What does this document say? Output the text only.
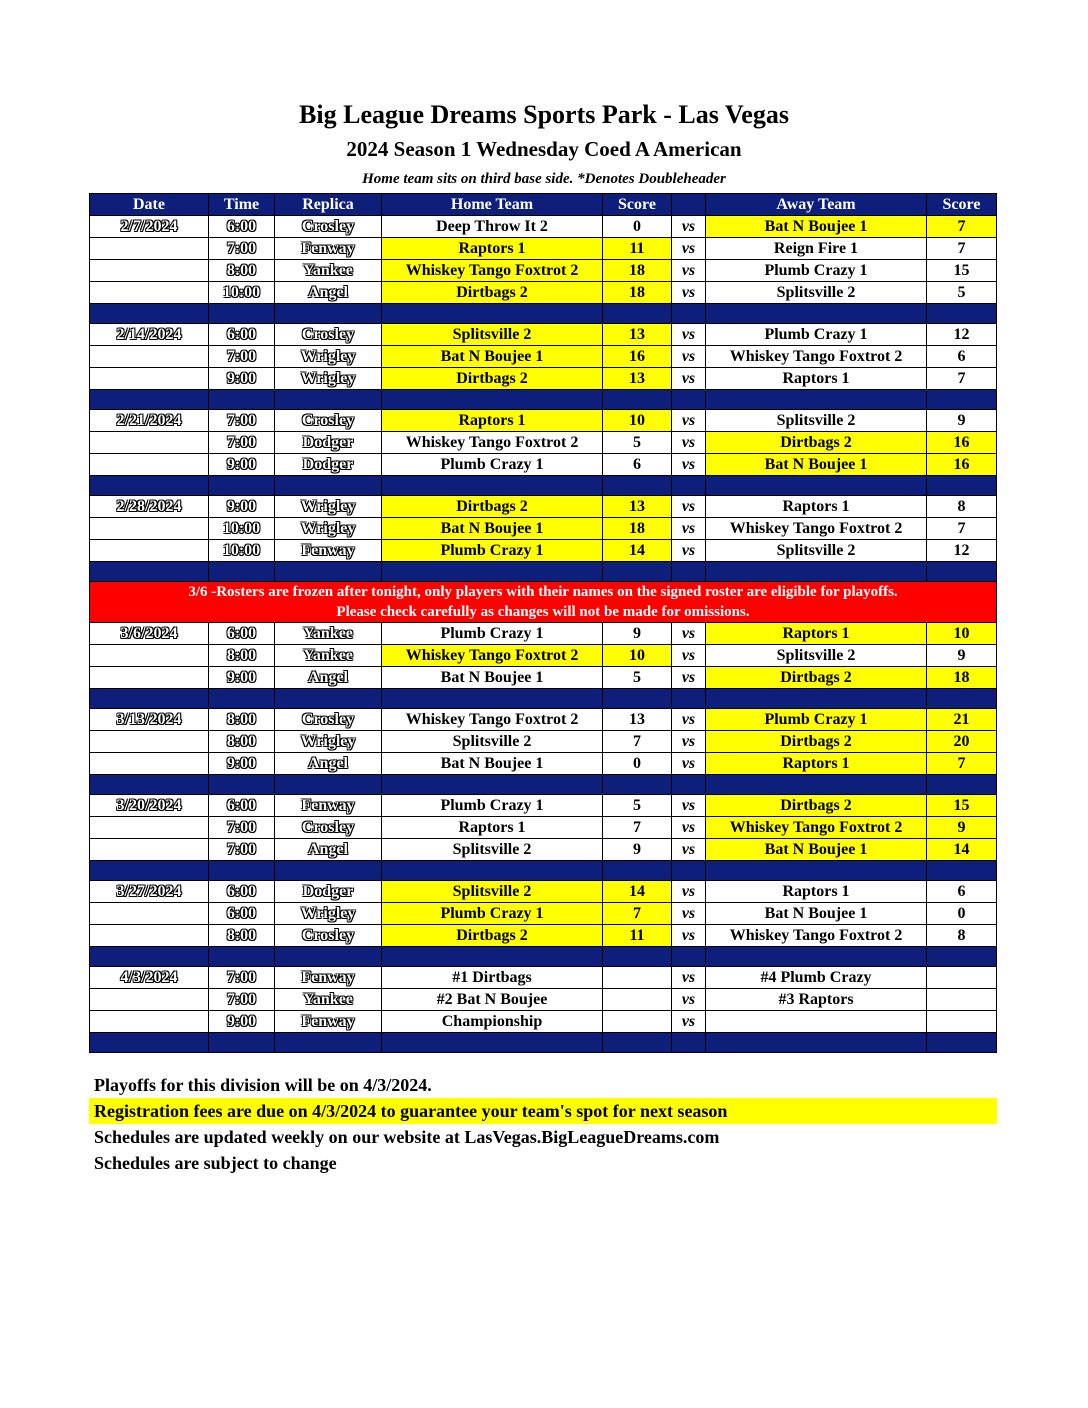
Big League Dreams Sports Park - Las Vegas
2024 Season 1 Wednesday Coed A American
Home team sits on third base side. *Denotes Doubleheader
Date	Time	Replica	Home Team	Score		Away Team	Score
2/7/2024	6:00	Crosley	Deep Throw It 2	0	vs	Bat N Boujee 1	7
	7:00	Fenway	Raptors 1	11	vs	Reign Fire 1	7
	8:00	Yankee	Whiskey Tango Foxtrot 2	18	vs	Plumb Crazy 1	15
	10:00	Angel	Dirtbags 2	18	vs	Splitsville 2	5

2/14/2024	6:00	Crosley	Splitsville 2	13	vs	Plumb Crazy 1	12
	7:00	Wrigley	Bat N Boujee 1	16	vs	Whiskey Tango Foxtrot 2	6
	9:00	Wrigley	Dirtbags 2	13	vs	Raptors 1	7

2/21/2024	7:00	Crosley	Raptors 1	10	vs	Splitsville 2	9
	7:00	Dodger	Whiskey Tango Foxtrot 2	5	vs	Dirtbags 2	16
	9:00	Dodger	Plumb Crazy 1	6	vs	Bat N Boujee 1	16

2/28/2024	9:00	Wrigley	Dirtbags 2	13	vs	Raptors 1	8
	10:00	Wrigley	Bat N Boujee 1	18	vs	Whiskey Tango Foxtrot 2	7
	10:00	Fenway	Plumb Crazy 1	14	vs	Splitsville 2	12

3/6 -Rosters are frozen after tonight, only players with their names on the signed roster are eligible for playoffs.
Please check carefully as changes will not be made for omissions.							

3/6/2024	6:00	Yankee	Plumb Crazy 1	9	vs	Raptors 1	10
	8:00	Yankee	Whiskey Tango Foxtrot 2	10	vs	Splitsville 2	9
	9:00	Angel	Bat N Boujee 1	5	vs	Dirtbags 2	18

3/13/2024	8:00	Crosley	Whiskey Tango Foxtrot 2	13	vs	Plumb Crazy 1	21
	8:00	Wrigley	Splitsville 2	7	vs	Dirtbags 2	20
	9:00	Angel	Bat N Boujee 1	0	vs	Raptors 1	7

3/20/2024	6:00	Fenway	Plumb Crazy 1	5	vs	Dirtbags 2	15
	7:00	Crosley	Raptors 1	7	vs	Whiskey Tango Foxtrot 2	9
	7:00	Angel	Splitsville 2	9	vs	Bat N Boujee 1	14

3/27/2024	6:00	Dodger	Splitsville 2	14	vs	Raptors 1	6
	6:00	Wrigley	Plumb Crazy 1	7	vs	Bat N Boujee 1	0
	8:00	Crosley	Dirtbags 2	11	vs	Whiskey Tango Foxtrot 2	8

4/3/2024	7:00	Fenway	#1 Dirtbags		vs	#4 Plumb Crazy	
	7:00	Yankee	#2 Bat N Boujee		vs	#3 Raptors	
	9:00	Fenway	Championship		vs		

Playoffs for this division will be on 4/3/2024.
Registration fees are due on 4/3/2024 to guarantee your team's spot for next season
Schedules are updated weekly on our website at LasVegas.BigLeagueDreams.com
Schedules are subject to change
